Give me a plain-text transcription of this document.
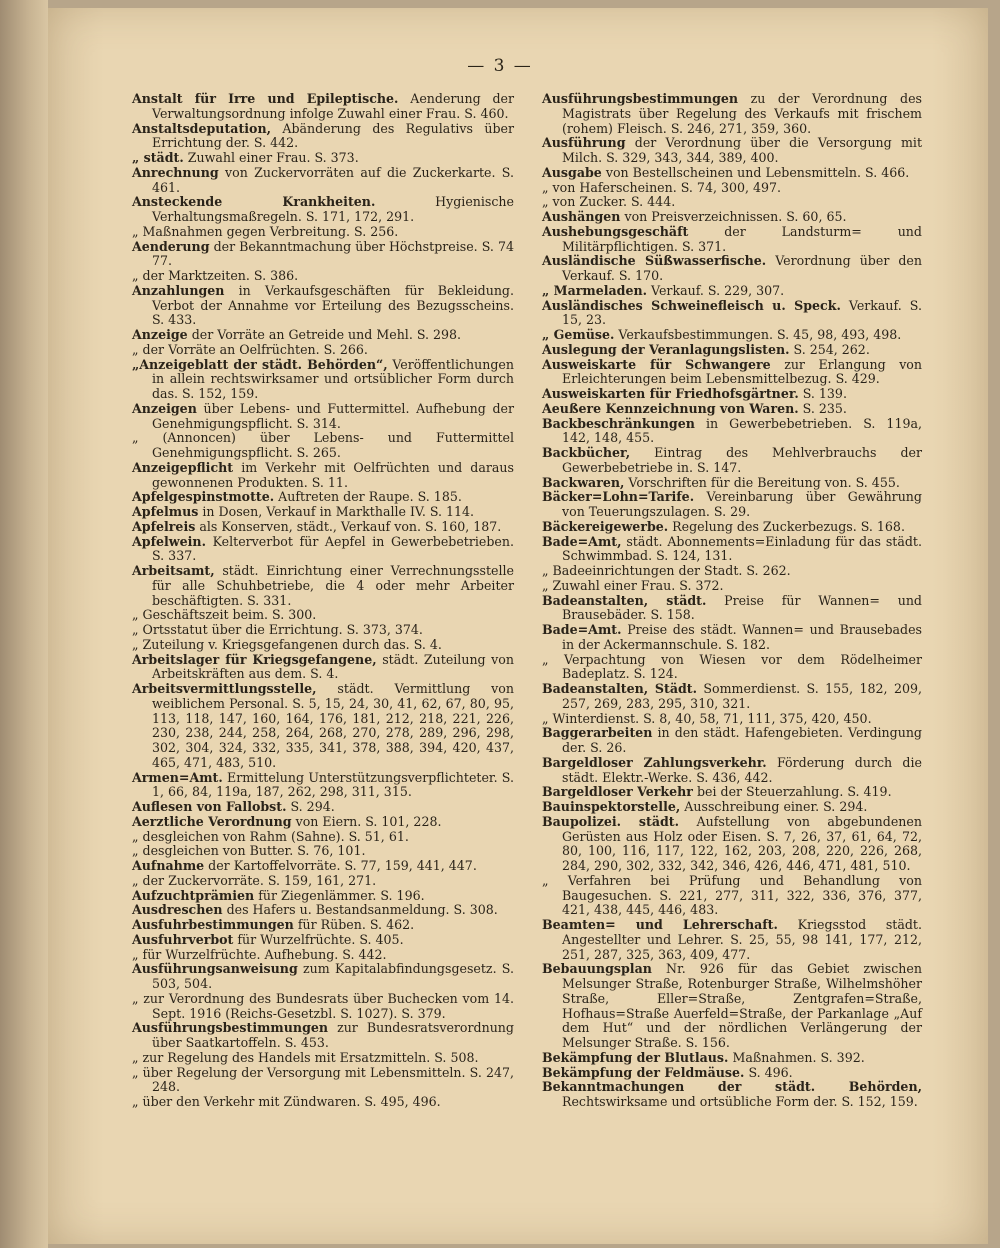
— 3 —

Anstalt für Irre und Epileptische. Aenderung der Verwaltungsordnung infolge Zuwahl einer Frau. S. 460.

Anstaltsdeputation, Abänderung des Regulativs über Errichtung der. S. 442.

„ städt. Zuwahl einer Frau. S. 373.

Anrechnung von Zuckervorräten auf die Zuckerkarte. S. 461.

Ansteckende Krankheiten.	Hygienische Verhaltungsmaßregeln. S. 171, 172, 291.

„ Maßnahmen gegen Verbreitung. S. 256.

Aenderung der Bekanntmachung über Höchstpreise. S. 74 77.

„ der Marktzeiten. S. 386.

Anzahlungen in Verkaufsgeschäften für Bekleidung. Verbot der Annahme vor Erteilung des Bezugsscheins. S. 433.

Anzeige der Vorräte an Getreide und Mehl. S. 298.

„ der Vorräte an Oelfrüchten. S. 266.

„Anzeigeblatt der städt. Behörden“, Veröffentlichungen in allein rechtswirksamer und ortsüblicher Form durch das. S. 152, 159.

Anzeigen über Lebens- und Futtermittel. Aufhebung der Genehmigungspflicht. S. 314.

„ (Annoncen) über Lebens- und Futtermittel Genehmigungspflicht. S. 265.

Anzeigepflicht im Verkehr mit Oelfrüchten und daraus gewonnenen Produkten. S. 11.

Apfelgespinstmotte. Auftreten der Raupe. S. 185.

Apfelmus in Dosen, Verkauf in Markthalle IV. S. 114.

Apfelreis als Konserven, städt., Verkauf von. S. 160, 187.

Apfelwein. Kelterverbot für Aepfel in Gewerbebetrieben. S. 337.

Arbeitsamt, städt. Einrichtung einer Verrechnungsstelle für alle Schuhbetriebe, die 4 oder mehr Arbeiter beschäftigten. S. 331.

„ Geschäftszeit beim. S. 300.

„ Ortsstatut über die Errichtung. S. 373, 374.

„ Zuteilung v. Kriegsgefangenen durch das. S. 4.

Arbeitslager für Kriegsgefangene, städt. Zuteilung von Arbeitskräften aus dem. S. 4.

Arbeitsvermittlungsstelle, städt. Vermittlung von weiblichem Personal. S. 5, 15, 24, 30, 41, 62, 67, 80, 95, 113, 118, 147, 160, 164, 176, 181, 212, 218, 221, 226, 230, 238, 244, 258, 264, 268, 270, 278, 289, 296, 298, 302, 304, 324, 332, 335, 341, 378, 388, 394, 420, 437, 465, 471, 483, 510.

Armen=Amt. Ermittelung Unterstützungsverpflichteter. S. 1, 66, 84, 119a, 187, 262, 298, 311, 315.

Auflesen von Fallobst. S. 294.

Aerztliche Verordnung von Eiern. S. 101, 228.

„ desgleichen von Rahm (Sahne). S. 51, 61.

„ desgleichen von Butter. S. 76, 101.

Aufnahme der Kartoffelvorräte. S. 77, 159, 441, 447.

„ der Zuckervorräte. S. 159, 161, 271.

Aufzuchtprämien für Ziegenlämmer. S. 196.

Ausdreschen des Hafers u. Bestandsanmeldung. S. 308.

Ausfuhrbestimmungen für Rüben. S. 462.

Ausfuhrverbot für Wurzelfrüchte. S. 405.

„ für Wurzelfrüchte. Aufhebung. S. 442.

Ausführungsanweisung zum Kapitalabfindungsgesetz. S. 503, 504.

„ zur Verordnung des Bundesrats über Buchecken vom 14. Sept. 1916 (Reichs-Gesetzbl. S. 1027). S. 379.

Ausführungsbestimmungen zur Bundesratsverordnung über Saatkartoffeln. S. 453.

„ zur Regelung des Handels mit Ersatzmitteln. S. 508.

„ über Regelung der Versorgung mit Lebensmitteln. S. 247, 248.

„ über den Verkehr mit Zündwaren. S. 495, 496.

Ausführungsbestimmungen zu der Verordnung des Magistrats über Regelung des Verkaufs mit frischem (rohem) Fleisch. S. 246, 271, 359, 360.

Ausführung der Verordnung über die Versorgung mit Milch. S. 329, 343, 344, 389, 400.

Ausgabe von Bestellscheinen und Lebensmitteln. S. 466.

„ von Haferscheinen. S. 74, 300, 497.

„ von Zucker. S. 444.

Aushängen von Preisverzeichnissen. S. 60, 65.

Aushebungsgeschäft	der Landsturm= und Militärpflichtigen. S. 371.

Ausländische Süßwasserfische. Verordnung über den Verkauf. S. 170.

„ Marmeladen. Verkauf. S. 229, 307.

Ausländisches Schweinefleisch u. Speck. Verkauf. S. 15, 23.

„ Gemüse. Verkaufsbestimmungen. S. 45, 98, 493, 498.

Auslegung der Veranlagungslisten. S. 254, 262.

Ausweiskarte für Schwangere zur Erlangung von Erleichterungen beim Lebensmittelbezug. S. 429.

Ausweiskarten für Friedhofsgärtner. S. 139.

Aeußere Kennzeichnung von Waren. S. 235.

Backbeschränkungen in Gewerbebetrieben. S. 119a, 142, 148, 455.

Backbücher, Eintrag des Mehlverbrauchs der Gewerbebetriebe in. S. 147.

Backwaren, Vorschriften für die Bereitung von. S. 455.

Bäcker=Lohn=Tarife. Vereinbarung über Gewährung von Teuerungszulagen. S. 29.

Bäckereigewerbe. Regelung des Zuckerbezugs. S. 168.

Bade=Amt, städt. Abonnements=Einladung für das städt. Schwimmbad. S. 124, 131.

„ Badeeinrichtungen der Stadt. S. 262.

„ Zuwahl einer Frau. S. 372.

Badeanstalten, städt. Preise für Wannen= und Brausebäder. S. 158.

Bade=Amt. Preise des städt. Wannen= und Brausebades in der Ackermannschule. S. 182.

„ Verpachtung von Wiesen vor dem Rödelheimer Badeplatz. S. 124.

Badeanstalten, Städt. Sommerdienst. S. 155, 182, 209, 257, 269, 283, 295, 310, 321.

„ Winterdienst. S. 8, 40, 58, 71, 111, 375, 420, 450.

Baggerarbeiten in den städt. Hafengebieten. Verdingung der. S. 26.

Bargeldloser Zahlungsverkehr. Förderung durch die städt. Elektr.-Werke. S. 436, 442.

Bargeldloser Verkehr bei der Steuerzahlung. S. 419.

Bauinspektorstelle, Ausschreibung einer. S. 294.

Baupolizei. städt. Aufstellung von abgebundenen Gerüsten aus Holz oder Eisen. S. 7, 26, 37, 61, 64, 72, 80, 100, 116, 117, 122, 162, 203, 208, 220, 226, 268, 284, 290, 302, 332, 342, 346, 426, 446, 471, 481, 510.

„ Verfahren bei Prüfung und Behandlung von Baugesuchen. S. 221, 277, 311, 322, 336, 376, 377, 421, 438, 445, 446, 483.

Beamten= und Lehrerschaft. Kriegsstod städt. Angestellter und Lehrer. S. 25, 55, 98 141, 177, 212, 251, 287, 325, 363, 409, 477.

Bebauungsplan Nr. 926 für das Gebiet zwischen Melsunger Straße, Rotenburger Straße, Wilhelmshöher Straße, Eller=Straße, Zentgrafen=Straße, Hofhaus=Straße Auerfeld=Straße, der Parkanlage „Auf dem Hut“ und der nördlichen Verlängerung der Melsunger Straße. S. 156.

Bekämpfung der Blutlaus. Maßnahmen. S. 392.

Bekämpfung der Feldmäuse. S. 496.

Bekanntmachungen der städt. Behörden, Rechtswirksame und ortsübliche Form der. S. 152, 159.
